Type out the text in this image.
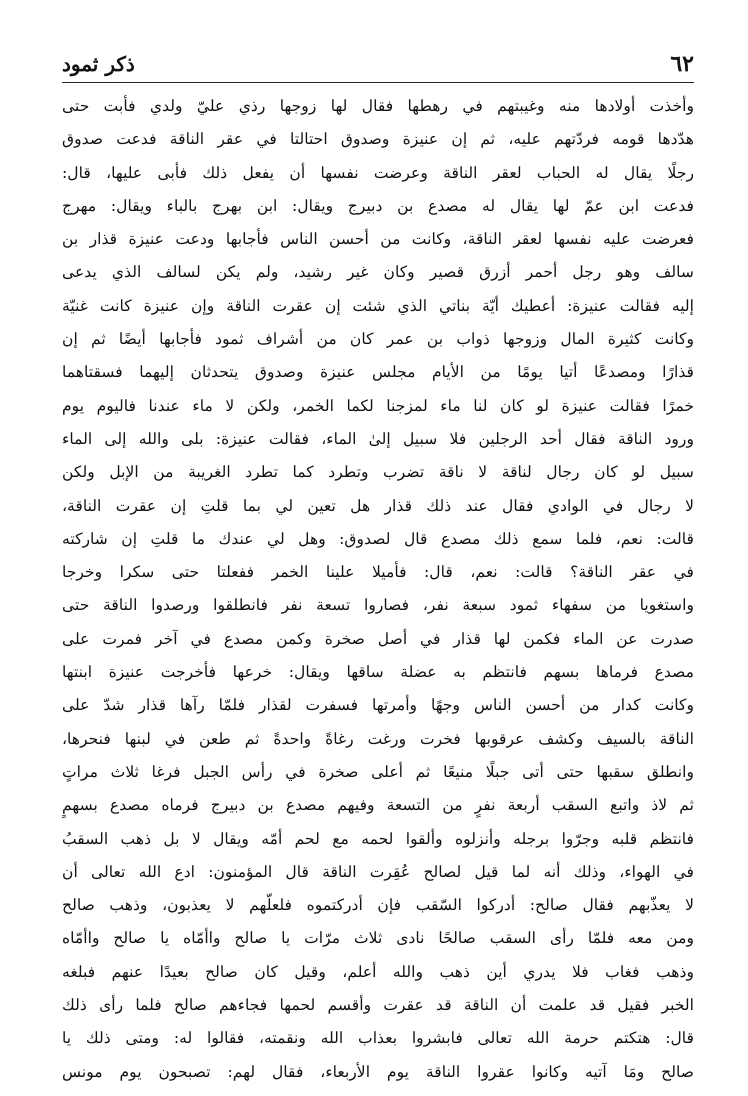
٦٢
ذكر ثمود
وأخذت أولادها منه وغيبتهم في رهطها فقال لها زوجها رذي عليّ ولدي فأبت حتى
هدّدها قومه فردّتهم عليه، ثم إن عنيزة وصدوق احتالتا في عقر الناقة فدعت صدوق
رجلًا يقال له الحباب لعقر الناقة وعرضت نفسها أن يفعل ذلك فأبى عليها، قال:
فدعت ابن عمّ لها يقال له مصدع بن دبيرج ويقال: ابن بهرج بالباء ويقال: مهرج
فعرضت عليه نفسها لعقر الناقة، وكانت من أحسن الناس فأجابها ودعت عنيزة قذار بن
سالف وهو رجل أحمر أزرق قصير وكان غير رشيد، ولم يكن لسالف الذي يدعى
إليه فقالت عنيزة: أعطيك أيّة بناتي الذي شئت إن عقرت الناقة وإن عنيزة كانت غنيّة
وكانت كثيرة المال وزوجها ذواب بن عمر كان من أشراف ثمود فأجابها أيضًا ثم إن
قذارًا ومصدعًا أتيا يومًا من الأيام مجلس عنيزة وصدوق يتحدثان إليهما فسقتاهما
خمرًا فقالت عنيزة لو كان لنا ماء لمزجنا لكما الخمر، ولكن لا ماء عندنا فاليوم يوم
ورود الناقة فقال أحد الرجلين فلا سبيل إلىٰ الماء، فقالت عنيزة: بلى والله إلى الماء
سبيل لو كان رجال لناقة لا ناقة تضرب وتطرد كما تطرد الغريبة من الإبل ولكن
لا رجال في الوادي فقال عند ذلك قذار هل تعين لي بما قلتِ إن عقرت الناقة،
قالت: نعم، فلما سمع ذلك مصدع قال لصدوق: وهل لي عندك ما قلتِ إن شاركته
في عقر الناقة؟ قالت: نعم، قال: فأميلا علينا الخمر ففعلتا حتى سكرا وخرجا
واستغويا من سفهاء ثمود سبعة نفر، فصاروا تسعة نفر فانطلقوا ورصدوا الناقة حتى
صدرت عن الماء فكمن لها قذار في أصل صخرة وكمن مصدع في آخر فمرت على
مصدع فرماها بسهم فانتظم به عضلة ساقها ويقال: خرعها فأخرجت عنيزة ابنتها
وكانت كدار من أحسن الناس وجهًا وأمرتها فسفرت لقذار فلمّا رآها قذار شدّ على
الناقة بالسيف وكشف عرقوبها فخرت ورغت رغاةً واحدةً ثم طعن في لبنها فنحرها،
وانطلق سقبها حتى أتى جبلًا منيعًا ثم أعلى صخرة في رأس الجبل فرغا ثلاث مراتٍ
ثم لاذ واتبع السقب أربعة نفرٍ من التسعة وفيهم مصدع بن دبيرج فرماه مصدع بسهمٍ
فانتظم قلبه وجرّوا برجله وأنزلوه وألقوا لحمه مع لحم أمّه ويقال لا بل ذهب السقبُ
في الهواء، وذلك أنه لما قيل لصالح عُقِرت الناقة قال المؤمنون: ادع الله تعالى أن
لا يعذّبهم فقال صالح: أدركوا السّقب فإن أدركتموه فلعلّهم لا يعذبون، وذهب صالح
ومن معه فلمّا رأى السقب صالحًا نادى ثلاث مرّات يا صالح واأمّاه يا صالح واأمّاه
وذهب فغاب فلا يدري أين ذهب والله أعلم، وقيل كان صالح بعيدًا عنهم فبلغه
الخبر فقيل قد علمت أن الناقة قد عقرت وأقسم لحمها فجاءهم صالح فلما رأى ذلك
قال: هتكتم حرمة الله تعالى فابشروا بعذاب الله ونقمته، فقالوا له: ومتى ذلك يا
صالح ومَا آتيه وكانوا عقروا الناقة يوم الأربعاء، فقال لهم: تصبحون يوم مونس
